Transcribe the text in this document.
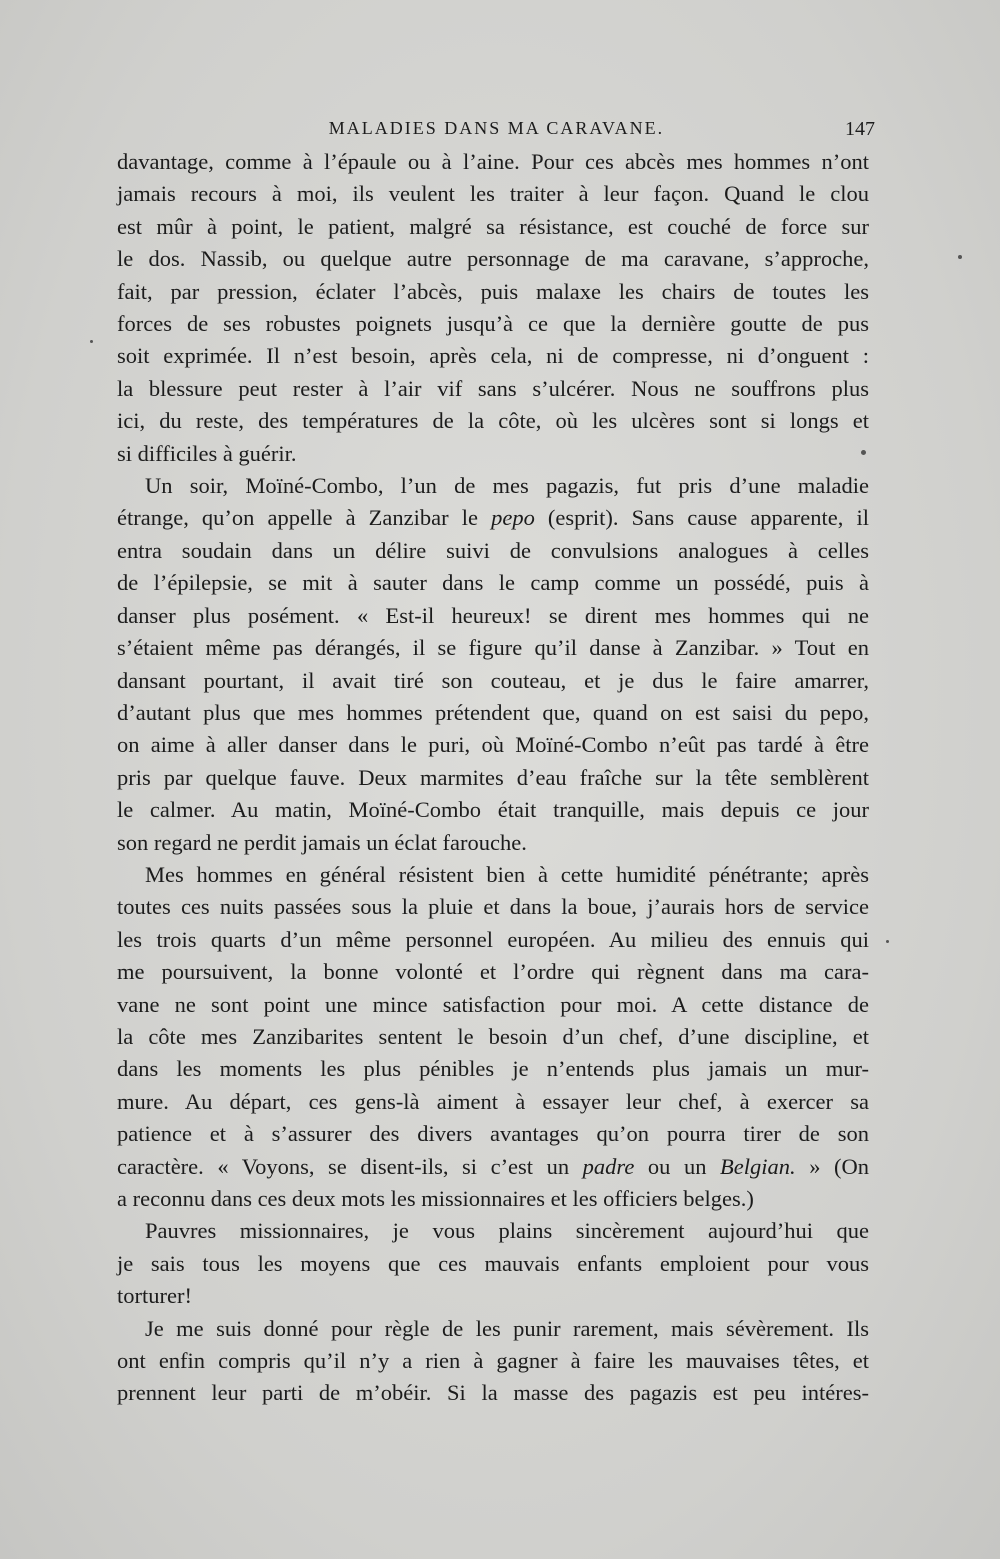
MALADIES DANS MA CARAVANE.	147
davantage, comme à l’épaule ou à l’aine. Pour ces abcès mes hommes n’ont
jamais recours à moi, ils veulent les traiter à leur façon. Quand le clou
est mûr à point, le patient, malgré sa résistance, est couché de force sur
le dos. Nassib, ou quelque autre personnage de ma caravane, s’approche,
fait, par pression, éclater l’abcès, puis malaxe les chairs de toutes les
forces de ses robustes poignets jusqu’à ce que la dernière goutte de pus
soit exprimée. Il n’est besoin, après cela, ni de compresse, ni d’onguent :
la blessure peut rester à l’air vif sans s’ulcérer. Nous ne souffrons plus
ici, du reste, des températures de la côte, où les ulcères sont si longs et
si difficiles à guérir.
Un soir, Moïné-Combo, l’un de mes pagazis, fut pris d’une maladie
étrange, qu’on appelle à Zanzibar le pepo (esprit). Sans cause apparente, il
entra soudain dans un délire suivi de convulsions analogues à celles
de l’épilepsie, se mit à sauter dans le camp comme un possédé, puis à
danser plus posément. « Est-il heureux! se dirent mes hommes qui ne
s’étaient même pas dérangés, il se figure qu’il danse à Zanzibar. » Tout en
dansant pourtant, il avait tiré son couteau, et je dus le faire amarrer,
d’autant plus que mes hommes prétendent que, quand on est saisi du pepo,
on aime à aller danser dans le puri, où Moïné-Combo n’eût pas tardé à être
pris par quelque fauve. Deux marmites d’eau fraîche sur la tête semblèrent
le calmer. Au matin, Moïné-Combo était tranquille, mais depuis ce jour
son regard ne perdit jamais un éclat farouche.
Mes hommes en général résistent bien à cette humidité pénétrante; après
toutes ces nuits passées sous la pluie et dans la boue, j’aurais hors de service
les trois quarts d’un même personnel européen. Au milieu des ennuis qui
me poursuivent, la bonne volonté et l’ordre qui règnent dans ma cara-
vane ne sont point une mince satisfaction pour moi. A cette distance de
la côte mes Zanzibarites sentent le besoin d’un chef, d’une discipline, et
dans les moments les plus pénibles je n’entends plus jamais un mur-
mure. Au départ, ces gens-là aiment à essayer leur chef, à exercer sa
patience et à s’assurer des divers avantages qu’on pourra tirer de son
caractère. « Voyons, se disent-ils, si c’est un padre ou un Belgian. » (On
a reconnu dans ces deux mots les missionnaires et les officiers belges.)
Pauvres missionnaires, je vous plains sincèrement aujourd’hui que
je sais tous les moyens que ces mauvais enfants emploient pour vous
torturer!
Je me suis donné pour règle de les punir rarement, mais sévèrement. Ils
ont enfin compris qu’il n’y a rien à gagner à faire les mauvaises têtes, et
prennent leur parti de m’obéir. Si la masse des pagazis est peu intéres-
